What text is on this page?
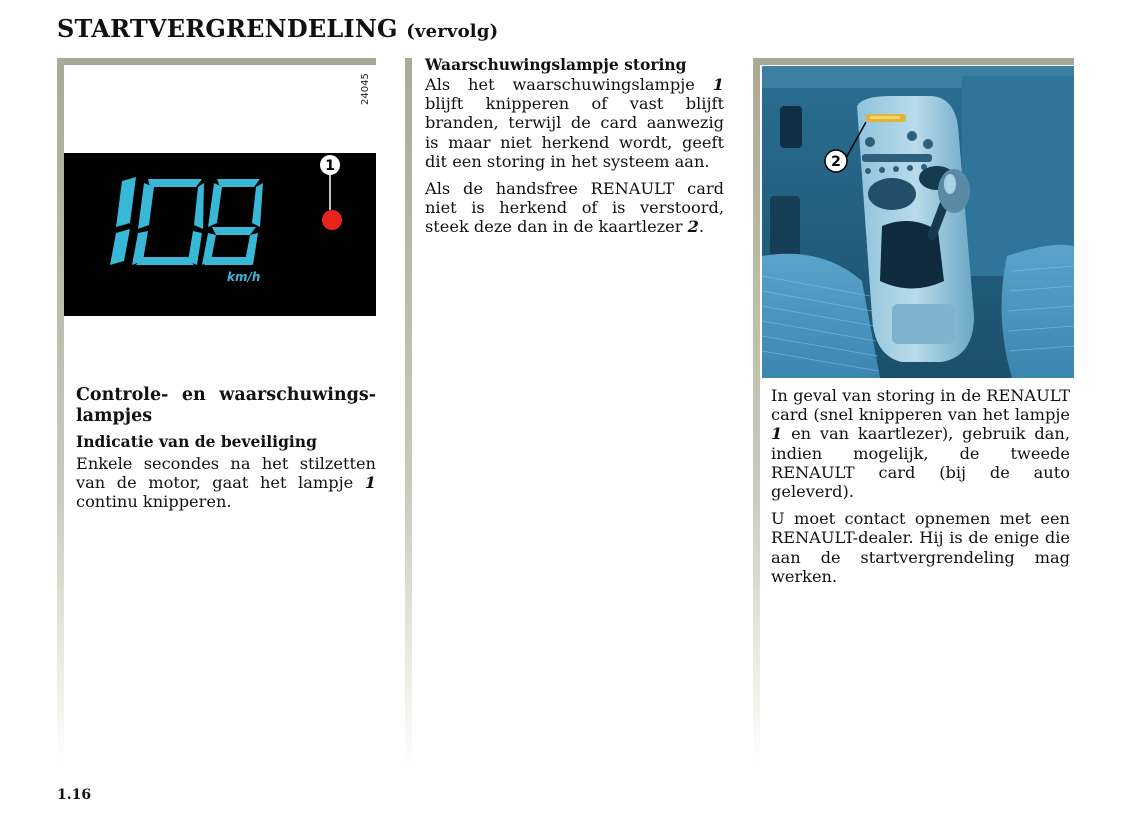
STARTVERGRENDELING (vervolg)
24045
km/h
1
Controle- en waarschuwings-lampjes
Indicatie van de beveiliging

Enkele secondes na het stilzetten van de motor, gaat het lampje 1 continu knipperen.

Waarschuwingslampje storing

Als het waarschuwingslampje 1 blijft knipperen of vast blijft branden, terwijl de card aanwezig is maar niet herkend wordt, geeft dit een storing in het systeem aan.

Als de handsfree RENAULT card niet is herkend of is verstoord, steek deze dan in de kaartlezer 2.

2

In geval van storing in de RENAULT card (snel knipperen van het lampje 1 en van kaartlezer), gebruik dan, indien mogelijk, de tweede RENAULT card (bij de auto geleverd).

U moet contact opnemen met een RENAULT-dealer. Hij is de enige die aan de startvergrendeling mag werken.

1.16
